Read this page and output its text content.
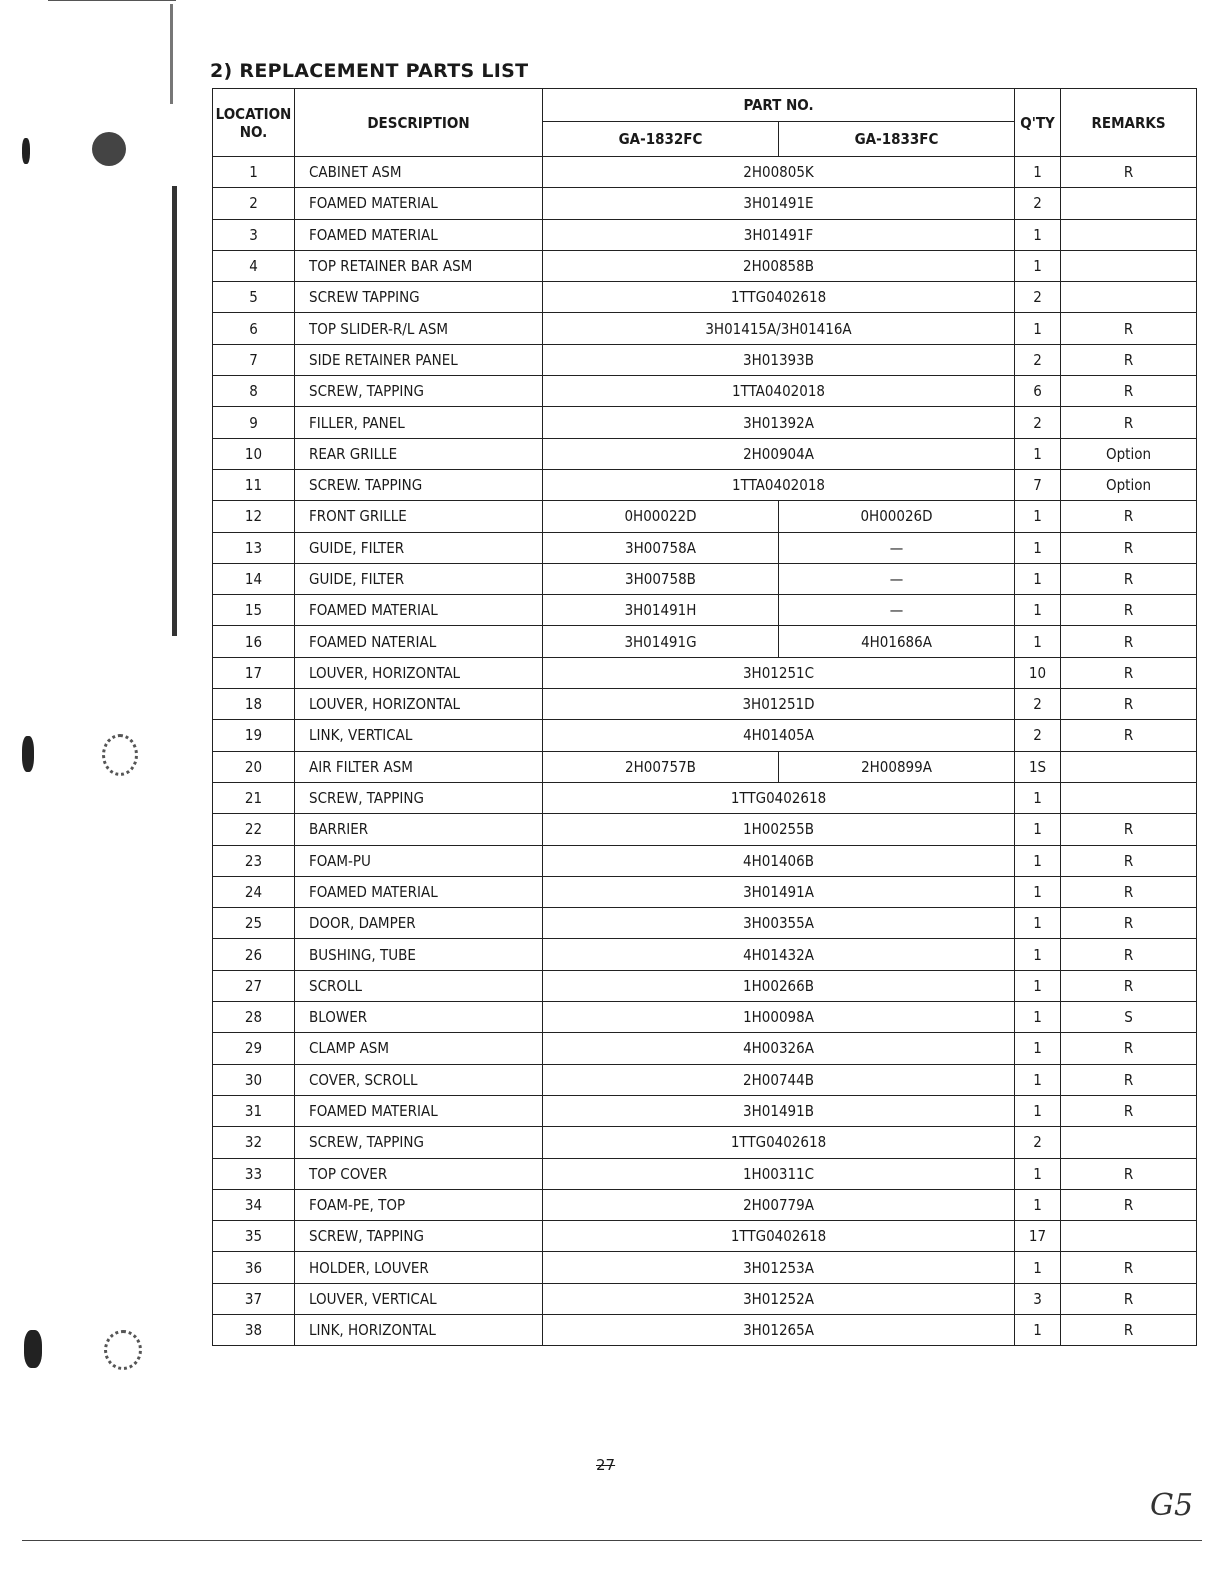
2) REPLACEMENT PARTS LIST
LOCATION
NO.	DESCRIPTION	PART NO.		Q'TY	REMARKS
		GA-1832FC	GA-1833FC		
1	CABINET ASM	2H00805K		1	R
2	FOAMED MATERIAL	3H01491E		2	
3	FOAMED MATERIAL	3H01491F		1	
4	TOP RETAINER BAR ASM	2H00858B		1	
5	SCREW TAPPING	1TTG0402618		2	
6	TOP SLIDER-R/L ASM	3H01415A/3H01416A		1	R
7	SIDE RETAINER PANEL	3H01393B		2	R
8	SCREW, TAPPING	1TTA0402018		6	R
9	FILLER, PANEL	3H01392A		2	R
10	REAR GRILLE	2H00904A		1	Option
11	SCREW. TAPPING	1TTA0402018		7	Option
12	FRONT GRILLE	0H00022D	0H00026D	1	R
13	GUIDE, FILTER	3H00758A	—	1	R
14	GUIDE, FILTER	3H00758B	—	1	R
15	FOAMED MATERIAL	3H01491H	—	1	R
16	FOAMED NATERIAL	3H01491G	4H01686A	1	R
17	LOUVER, HORIZONTAL	3H01251C		10	R
18	LOUVER, HORIZONTAL	3H01251D		2	R
19	LINK, VERTICAL	4H01405A		2	R
20	AIR FILTER ASM	2H00757B	2H00899A	1S	
21	SCREW, TAPPING	1TTG0402618		1	
22	BARRIER	1H00255B		1	R
23	FOAM-PU	4H01406B		1	R
24	FOAMED MATERIAL	3H01491A		1	R
25	DOOR, DAMPER	3H00355A		1	R
26	BUSHING, TUBE	4H01432A		1	R
27	SCROLL	1H00266B		1	R
28	BLOWER	1H00098A		1	S
29	CLAMP ASM	4H00326A		1	R
30	COVER, SCROLL	2H00744B		1	R
31	FOAMED MATERIAL	3H01491B		1	R
32	SCREW, TAPPING	1TTG0402618		2	
33	TOP COVER	1H00311C		1	R
34	FOAM-PE, TOP	2H00779A		1	R
35	SCREW, TAPPING	1TTG0402618		17	
36	HOLDER, LOUVER	3H01253A		1	R
37	LOUVER, VERTICAL	3H01252A		3	R
38	LINK, HORIZONTAL	3H01265A		1	R
27
G5
